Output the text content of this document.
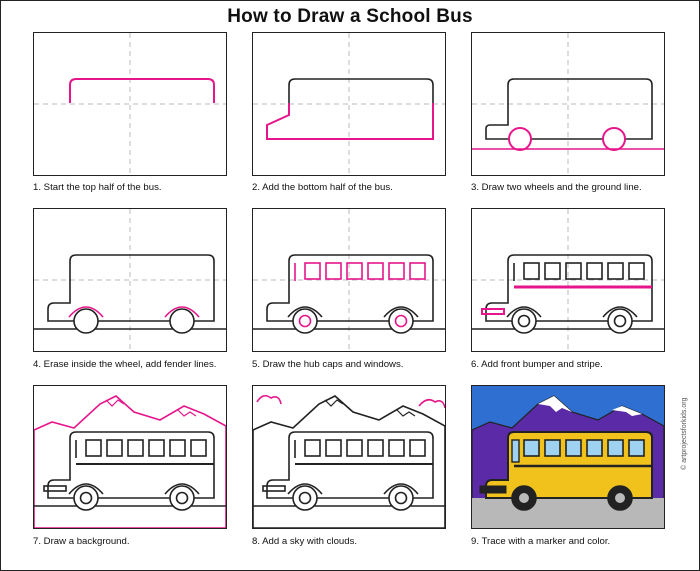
How to Draw a School Bus
1. Start the top half of the bus.	2. Add the bottom half of the bus.	3. Draw two wheels and the ground line.
4. Erase inside the wheel, add fender lines.	5. Draw the hub caps and windows.	6. Add front bumper and stripe.
7. Draw a background.	8. Add a sky with clouds.	9. Trace with a marker and color.
© artprojectsforkids.org
